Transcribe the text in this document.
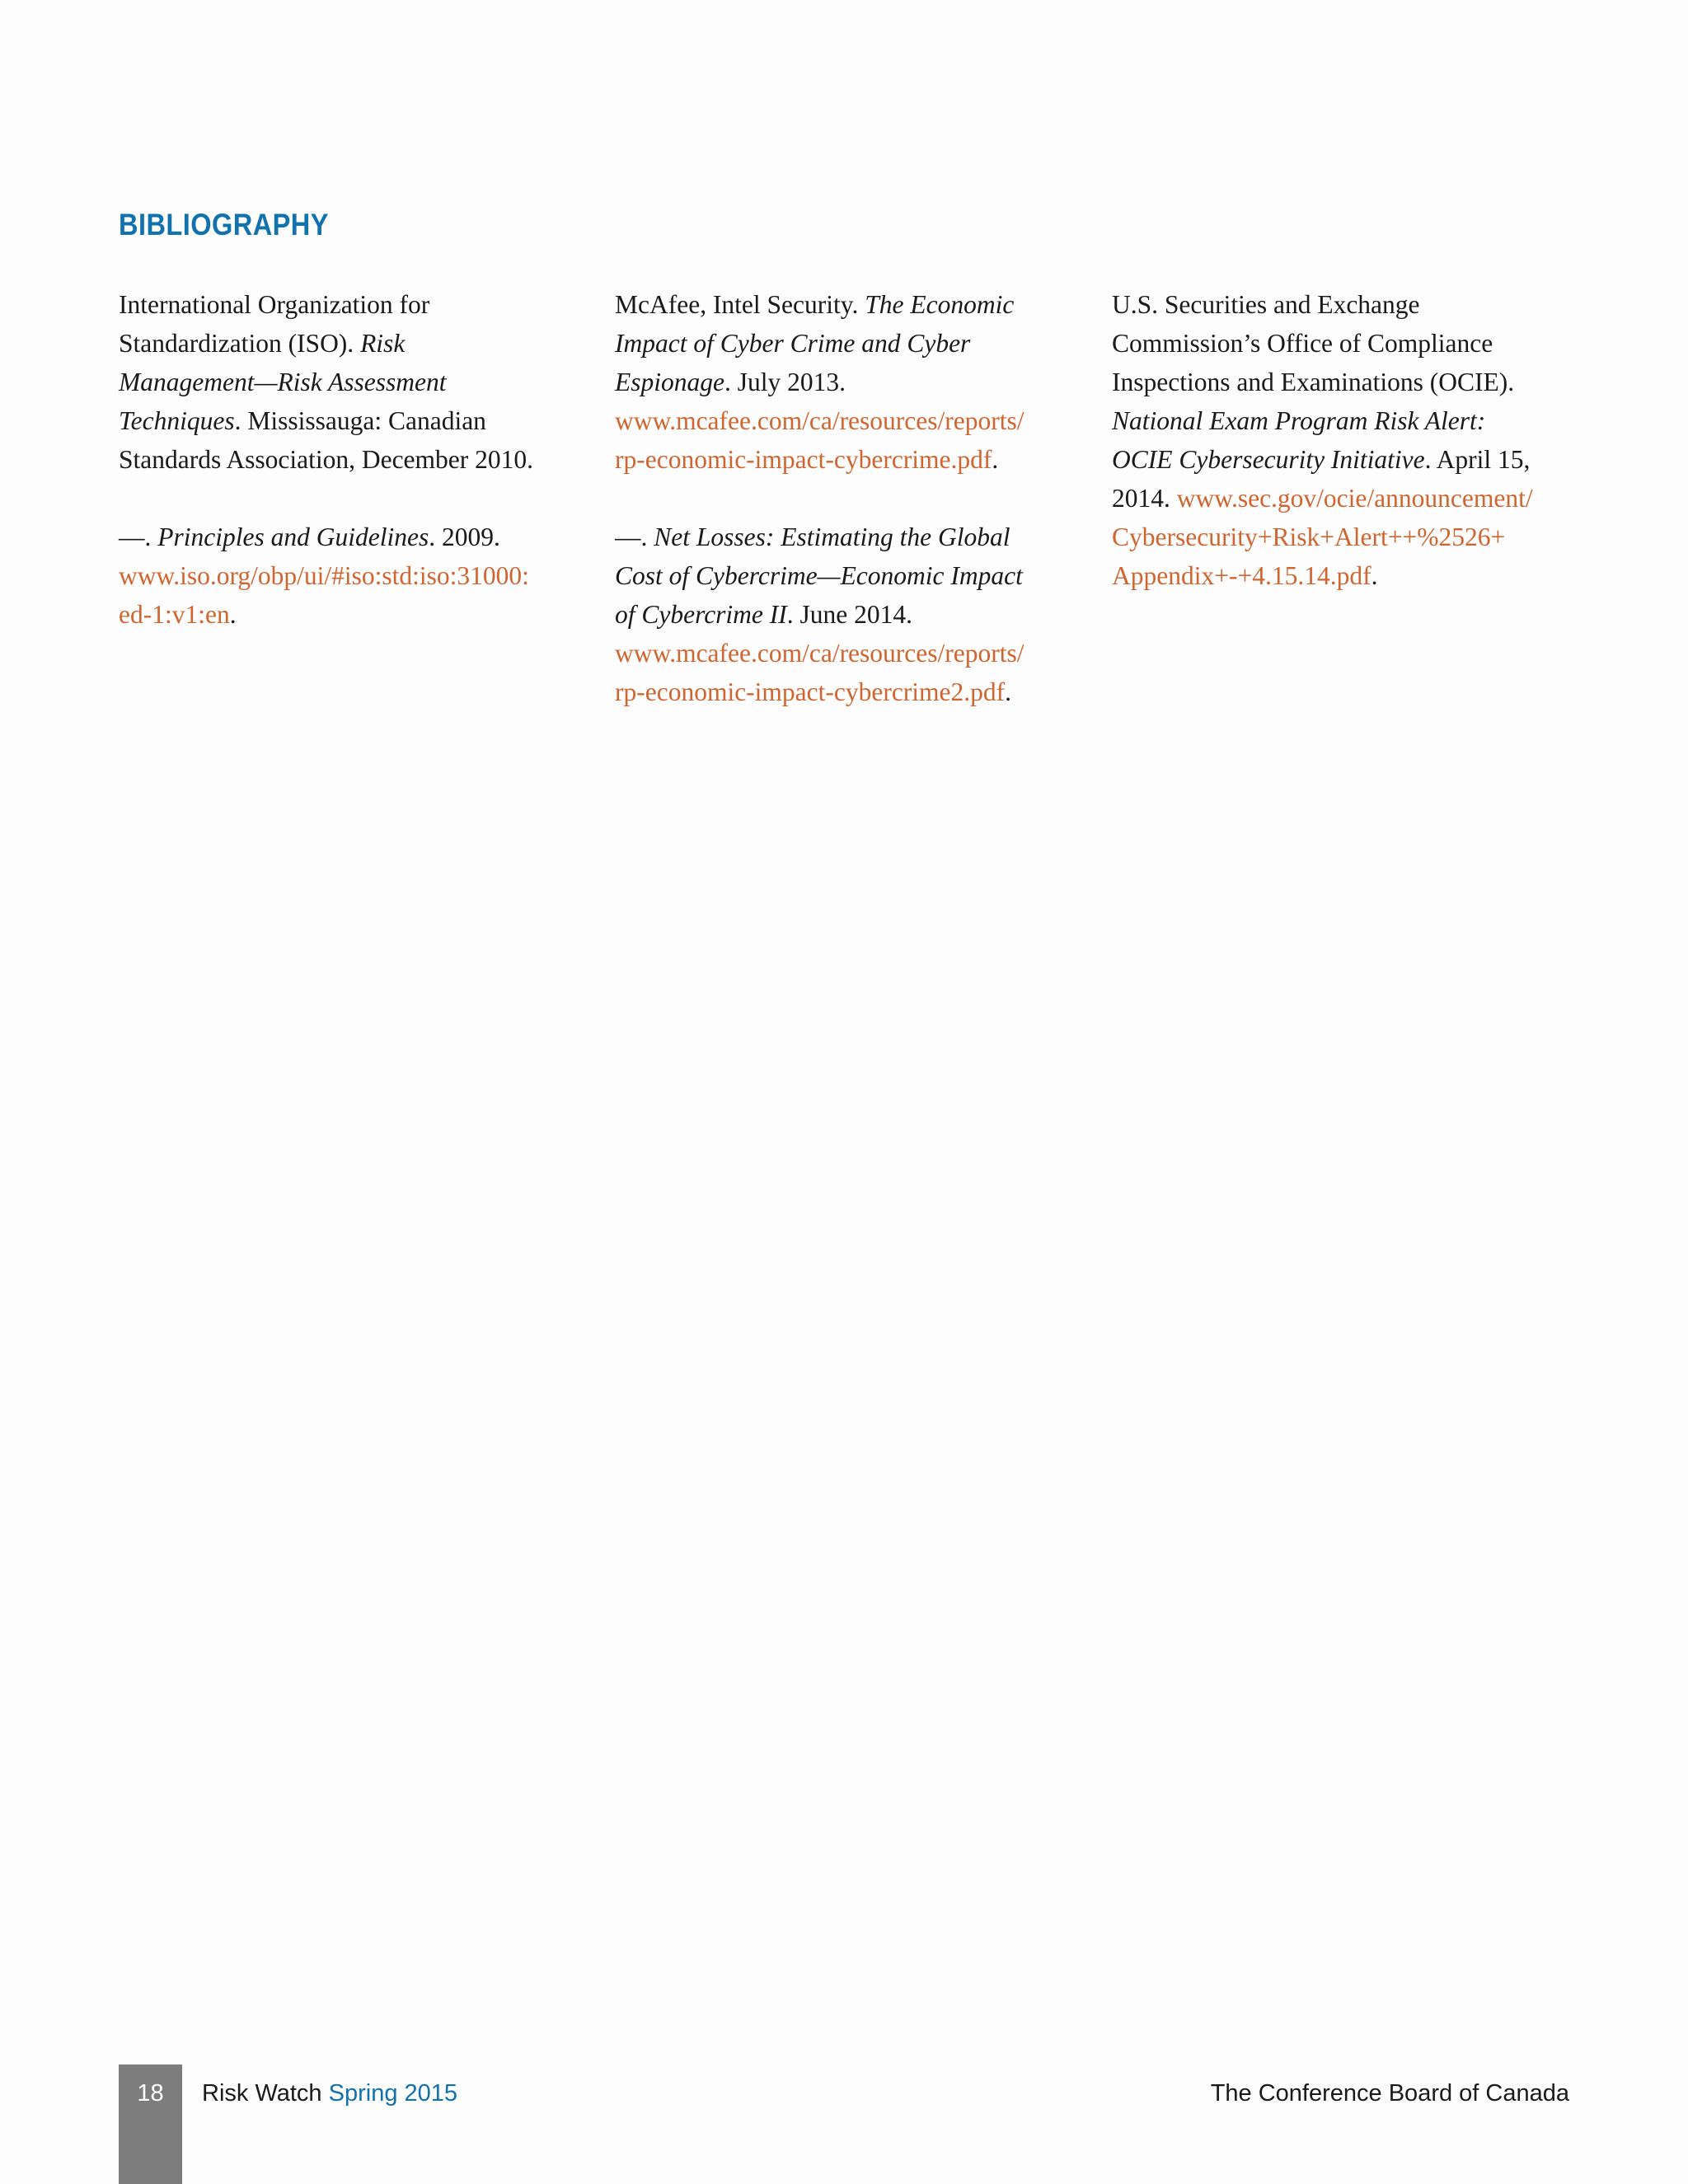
BIBLIOGRAPHY
International Organization for
Standardization (ISO). Risk
Management—Risk Assessment
Techniques. Mississauga: Canadian
Standards Association, December 2010.
—. Principles and Guidelines. 2009.
www.iso.org/obp/ui/#iso:std:iso:31000:
ed-1:v1:en.
McAfee, Intel Security. The Economic
Impact of Cyber Crime and Cyber
Espionage. July 2013.
www.mcafee.com/ca/resources/reports/
rp-economic-impact-cybercrime.pdf.
—. Net Losses: Estimating the Global
Cost of Cybercrime—Economic Impact
of Cybercrime II. June 2014.
www.mcafee.com/ca/resources/reports/
rp-economic-impact-cybercrime2.pdf.
U.S. Securities and Exchange
Commission’s Office of Compliance
Inspections and Examinations (OCIE).
National Exam Program Risk Alert:
OCIE Cybersecurity Initiative. April 15,
2014. www.sec.gov/ocie/announcement/
Cybersecurity+Risk+Alert++%2526+
Appendix+-+4.15.14.pdf.
18	Risk Watch Spring 2015	The Conference Board of Canada
